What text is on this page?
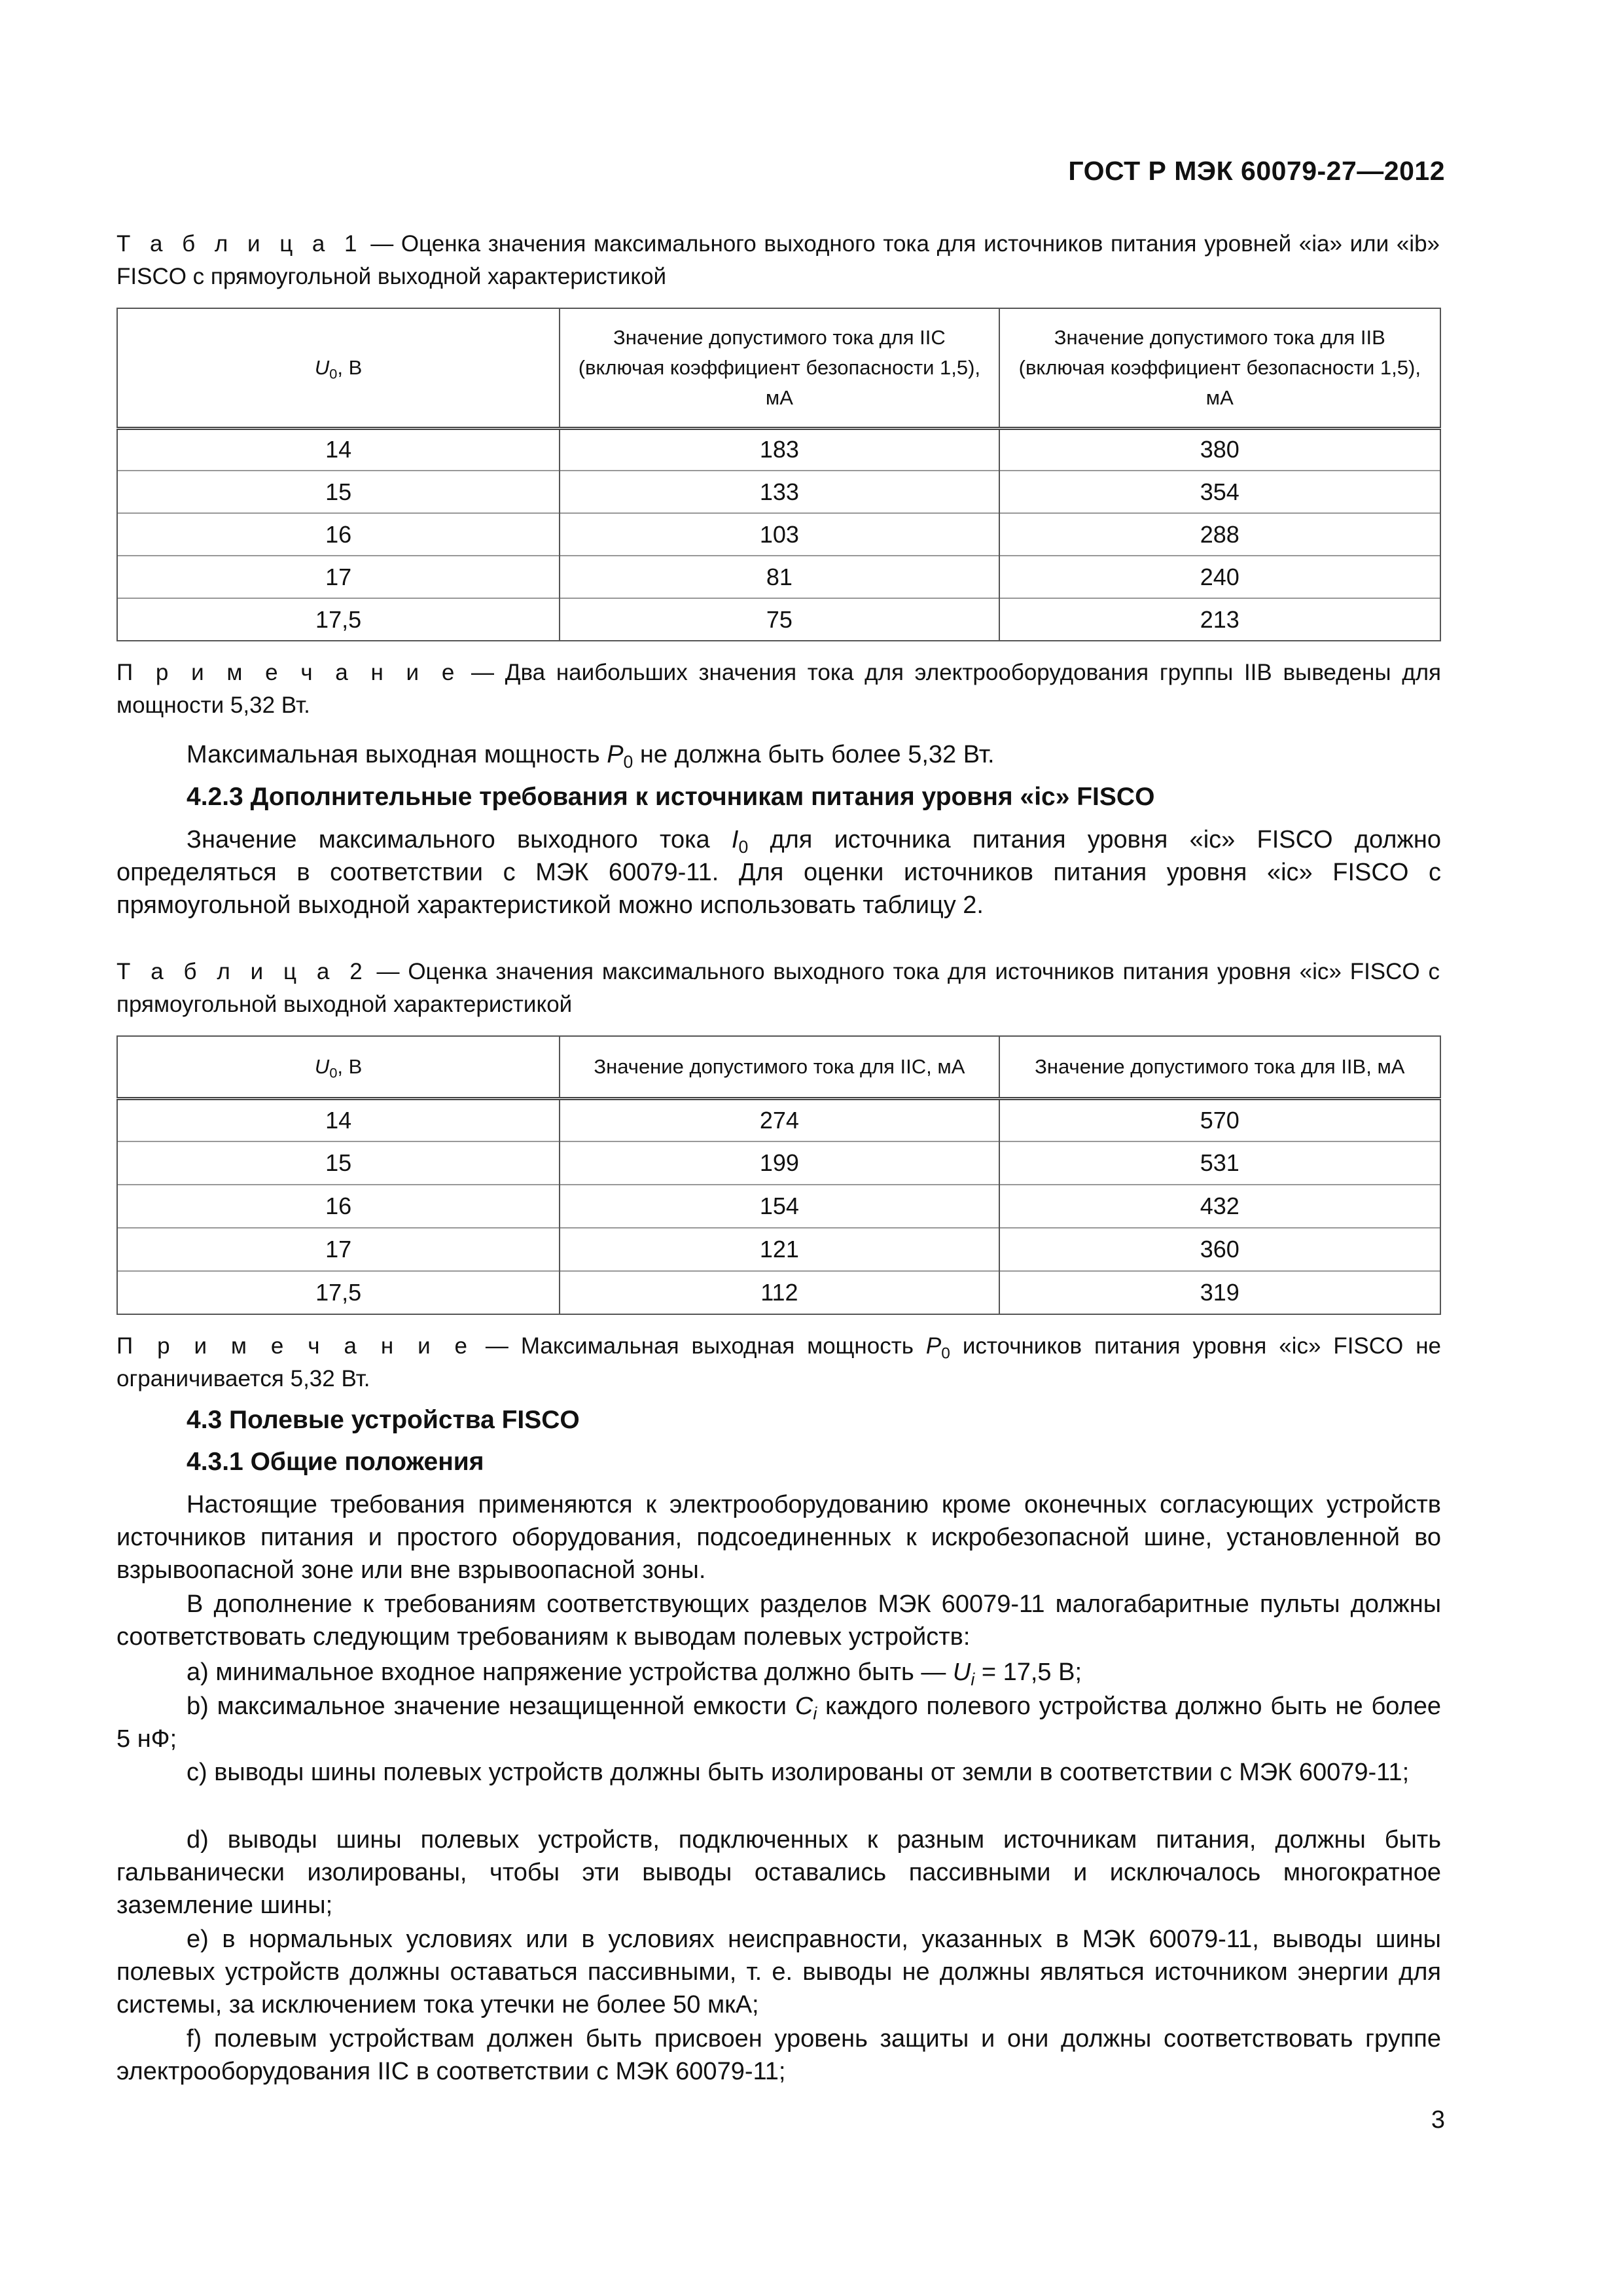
ГОСТ Р МЭК 60079-27—2012
Т а б л и ц а 1 — Оценка значения максимального выходного тока для источников питания уровней «ia» или «ib» FISCO с прямоугольной выходной характеристикой
$U_0$, В	Значение допустимого тока для IIC (включая коэффициент безопасности 1,5), мА	Значение допустимого тока для IIB (включая коэффициент безопасности 1,5), мА
14	183	380
15	133	354
16	103	288
17	81	240
17,5	75	213
П р и м е ч а н и е — Два наибольших значения тока для электрооборудования группы IIB выведены для мощности 5,32 Вт.
Максимальная выходная мощность $P_0$ не должна быть более 5,32 Вт.
4.2.3 Дополнительные требования к источникам питания уровня «ic» FISCO
Значение максимального выходного тока $I_0$ для источника питания уровня «ic» FISCO должно определяться в соответствии с МЭК 60079-11. Для оценки источников питания уровня «ic» FISCO с прямоугольной выходной характеристикой можно использовать таблицу 2.
Т а б л и ц а 2 — Оценка значения максимального выходного тока для источников питания уровня «ic» FISCO с прямоугольной выходной характеристикой
$U_0$, В	Значение допустимого тока для IIC, мА	Значение допустимого тока для IIB, мА
14	274	570
15	199	531
16	154	432
17	121	360
17,5	112	319
П р и м е ч а н и е — Максимальная выходная мощность $P_0$ источников питания уровня «ic» FISCO не ограничивается 5,32 Вт.
4.3 Полевые устройства FISCO
4.3.1 Общие положения
Настоящие требования применяются к электрооборудованию кроме оконечных согласующих устройств источников питания и простого оборудования, подсоединенных к искробезопасной шине, установленной во взрывоопасной зоне или вне взрывоопасной зоны.
В дополнение к требованиям соответствующих разделов МЭК 60079-11 малогабаритные пульты должны соответствовать следующим требованиям к выводам полевых устройств:
а) минимальное входное напряжение устройства должно быть — $U_i = 17,5$ В;
b) максимальное значение незащищенной емкости $C_i$ каждого полевого устройства должно быть не более 5 нФ;
c) выводы шины полевых устройств должны быть изолированы от земли в соответствии с МЭК 60079-11;
d) выводы шины полевых устройств, подключенных к разным источникам питания, должны быть гальванически изолированы, чтобы эти выводы оставались пассивными и исключалось многократное заземление шины;
e) в нормальных условиях или в условиях неисправности, указанных в МЭК 60079-11, выводы шины полевых устройств должны оставаться пассивными, т. е. выводы не должны являться источником энергии для системы, за исключением тока утечки не более 50 мкА;
f) полевым устройствам должен быть присвоен уровень защиты и они должны соответствовать группе электрооборудования IIC в соответствии с МЭК 60079-11;
3
